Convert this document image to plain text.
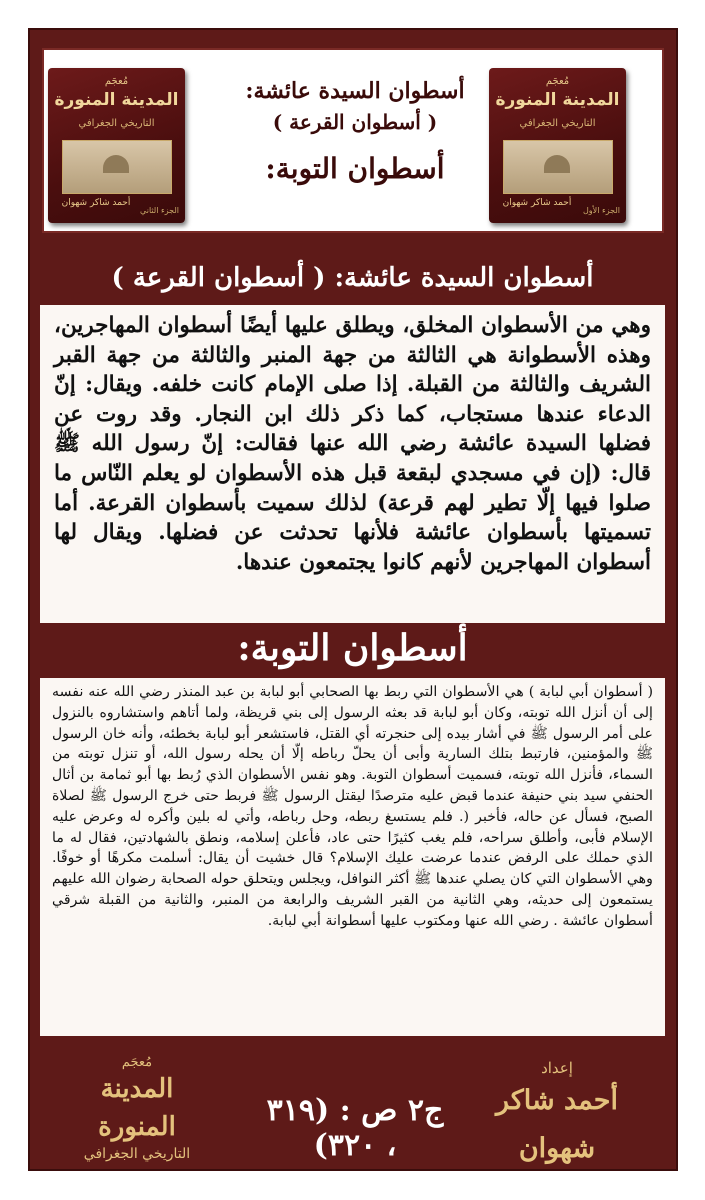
مُعجَم
المدينة المنورة
التاريخي الجغرافي
أحمد شاكر شهوان
الجزء الثاني
أسطوان السيدة عائشة:
( أسطوان القرعة )
أسطوان التوبة:
مُعجَم
المدينة المنورة
التاريخي الجغرافي
أحمد شاكر شهوان
الجزء الأول
أسطوان السيدة عائشة: ( أسطوان القرعة )
وهي من الأسطوان المخلق، ويطلق عليها أيضًا أسطوان المهاجرين، وهذه الأسطوانة هي الثالثة من جهة المنبر والثالثة من جهة القبر الشريف والثالثة من القبلة. إذا صلى الإمام كانت خلفه. ويقال: إنّ الدعاء عندها مستجاب، كما ذكر ذلك ابن النجار. وقد روت عن فضلها السيدة عائشة رضي الله عنها فقالت: إنّ رسول الله ﷺ قال: (إن في مسجدي لبقعة قبل هذه الأسطوان لو يعلم النّاس ما صلوا فيها إلّا تطير لهم قرعة) لذلك سميت بأسطوان القرعة. أما تسميتها بأسطوان عائشة فلأنها تحدثت عن فضلها. ويقال لها أسطوان المهاجرين لأنهم كانوا يجتمعون عندها.
أسطوان التوبة:
( أسطوان أبي لبابة ) هي الأسطوان التي ربط بها الصحابي أبو لبابة بن عبد المنذر رضي الله عنه نفسه إلى أن أنزل الله توبته، وكان أبو لبابة قد بعثه الرسول إلى بني قريظة، ولما أتاهم واستشاروه بالنزول على أمر الرسول ﷺ في أشار بيده إلى حنجرته أي القتل، فاستشعر أبو لبابة بخطئه، وأنه خان الرسول ﷺ والمؤمنين، فارتبط بتلك السارية وأبى أن يحلّ رباطه إلّا أن يحله رسول الله، أو تنزل توبته من السماء، فأنزل الله توبته، فسميت أسطوان التوبة. وهو نفس الأسطوان الذي رُبط بها أبو ثمامة بن أثال الحنفي سيد بني حنيفة عندما قبض عليه مترصدًا ليقتل الرسول ﷺ فربط حتى خرج الرسول ﷺ لصلاة الصبح، فسأل عن حاله، فأخبر (. فلم يستسغ ربطه، وحل رباطه، وأتي له بلين وأكره له وعرض عليه الإسلام فأبى، وأطلق سراحه، فلم يغب كثيرًا حتى عاد، فأعلن إسلامه، ونطق بالشهادتين، فقال له ما الذي حملك على الرفض عندما عرضت عليك الإسلام؟ قال خشيت أن يقال: أسلمت مكرهًا أو خوفًا. وهي الأسطوان التي كان يصلي عندها ﷺ أكثر النوافل، ويجلس ويتحلق حوله الصحابة رضوان الله عليهم يستمعون إلى حديثه، وهي الثانية من القبر الشريف والرابعة من المنبر، والثانية من القبلة شرقي أسطوان عائشة . رضي الله عنها ومكتوب عليها أسطوانة أبي لبابة.
مُعجَم
المدينة المنورة
التاريخي الجغرافي
ج٢ ص : (٣١٩ ، ٣٢٠)
إعداد
أحمد شاكر شهوان
